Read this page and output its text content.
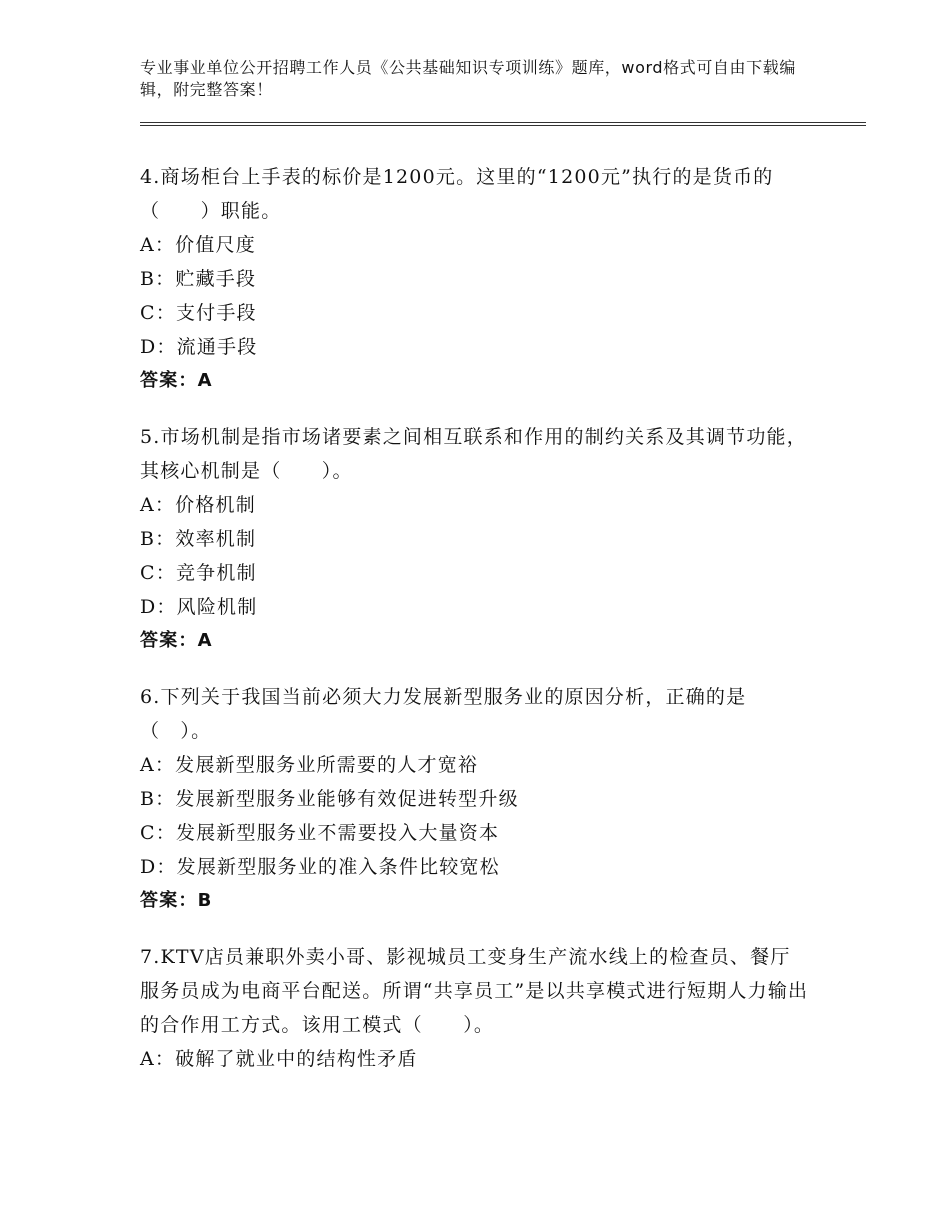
专业事业单位公开招聘工作人员《公共基础知识专项训练》题库，word格式可自由下载编辑，附完整答案！

4.商场柜台上手表的标价是1200元。这里的“1200元”执行的是货币的（　　）职能。

A：价值尺度

B：贮藏手段

C：支付手段

D：流通手段

答案：A

5.市场机制是指市场诸要素之间相互联系和作用的制约关系及其调节功能，其核心机制是（　　）。

A：价格机制

B：效率机制

C：竞争机制

D：风险机制

答案：A

6.下列关于我国当前必须大力发展新型服务业的原因分析，正确的是（　）。

A：发展新型服务业所需要的人才宽裕

B：发展新型服务业能够有效促进转型升级

C：发展新型服务业不需要投入大量资本

D：发展新型服务业的准入条件比较宽松

答案：B

7.KTV店员兼职外卖小哥、影视城员工变身生产流水线上的检查员、餐厅服务员成为电商平台配送。所谓“共享员工”是以共享模式进行短期人力输出的合作用工方式。该用工模式（　　）。

A：破解了就业中的结构性矛盾
